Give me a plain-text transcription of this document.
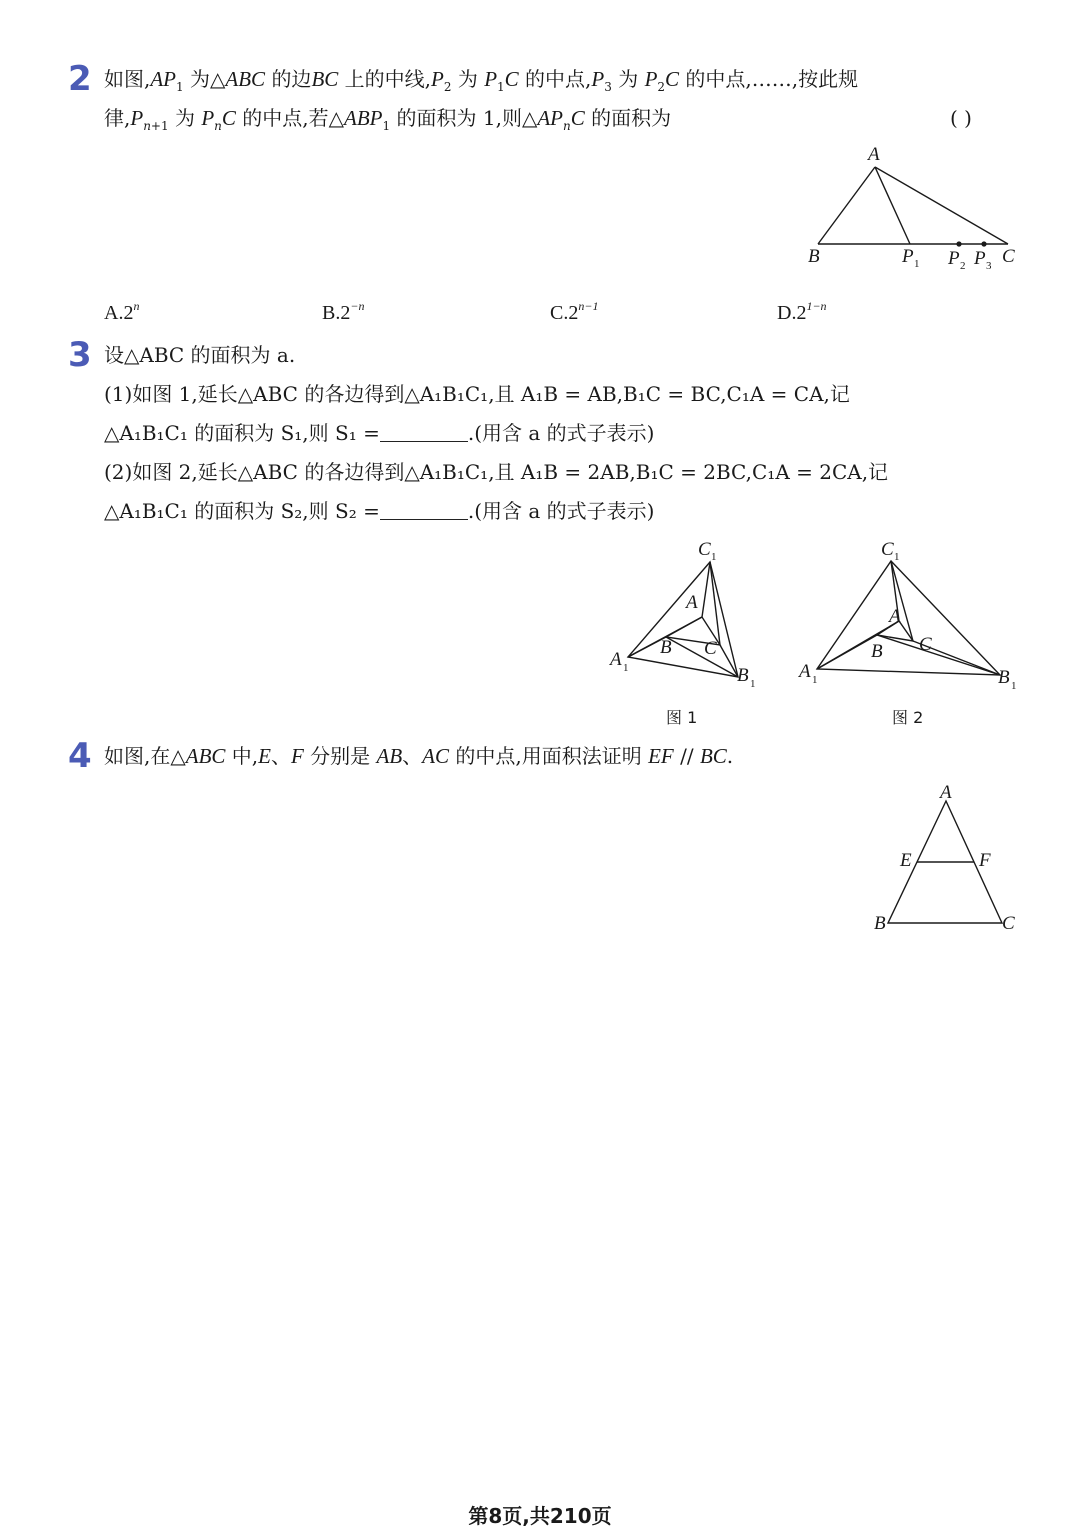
2 如图$,AP_1$ 为△ABC 的边BC 上的中线$,P_2$ 为 $P_1C$ 的中点$,P_3$ 为 $P_2C$ 的中点,……,按此规
律$,P_{n+1}$ 为 $P_nC$ 的中点,若$\triangle ABP_1$ 的面积为 1,则$\triangle AP_nC$ 的面积为	( )
A
B	P 1 P 2 P 3 C
A.2$^n$	$B.2^{-n}$	$C.2^{n-1}$	$D.2^{1-n}$
3 设△ABC 的面积为 a.
(1)如图 1,延长△ABC 的各边得到△A₁B₁C₁,且 A₁B = AB,B₁C = BC,C₁A = CA,记
△A₁B₁C₁ 的面积为 S₁,则 S₁ =	.(用含 a 的式子表示)
(2)如图 2,延长△ABC 的各边得到△A₁B₁C₁,且 A₁B = 2AB,B₁C = 2BC,C₁A = 2CA,记
△A₁B₁C₁ 的面积为 S₂,则 S₂ =	.(用含 a 的式子表示)
C 1
A
B C
A 1	B 1
图 1
C 1
A
B C
A 1	B 1
图 2
4 如图,在△ABC 中,E、F 分别是 AB、AC 的中点,用面积法证明 EF // BC.
A
E	F
B	C
第8页,共210页
